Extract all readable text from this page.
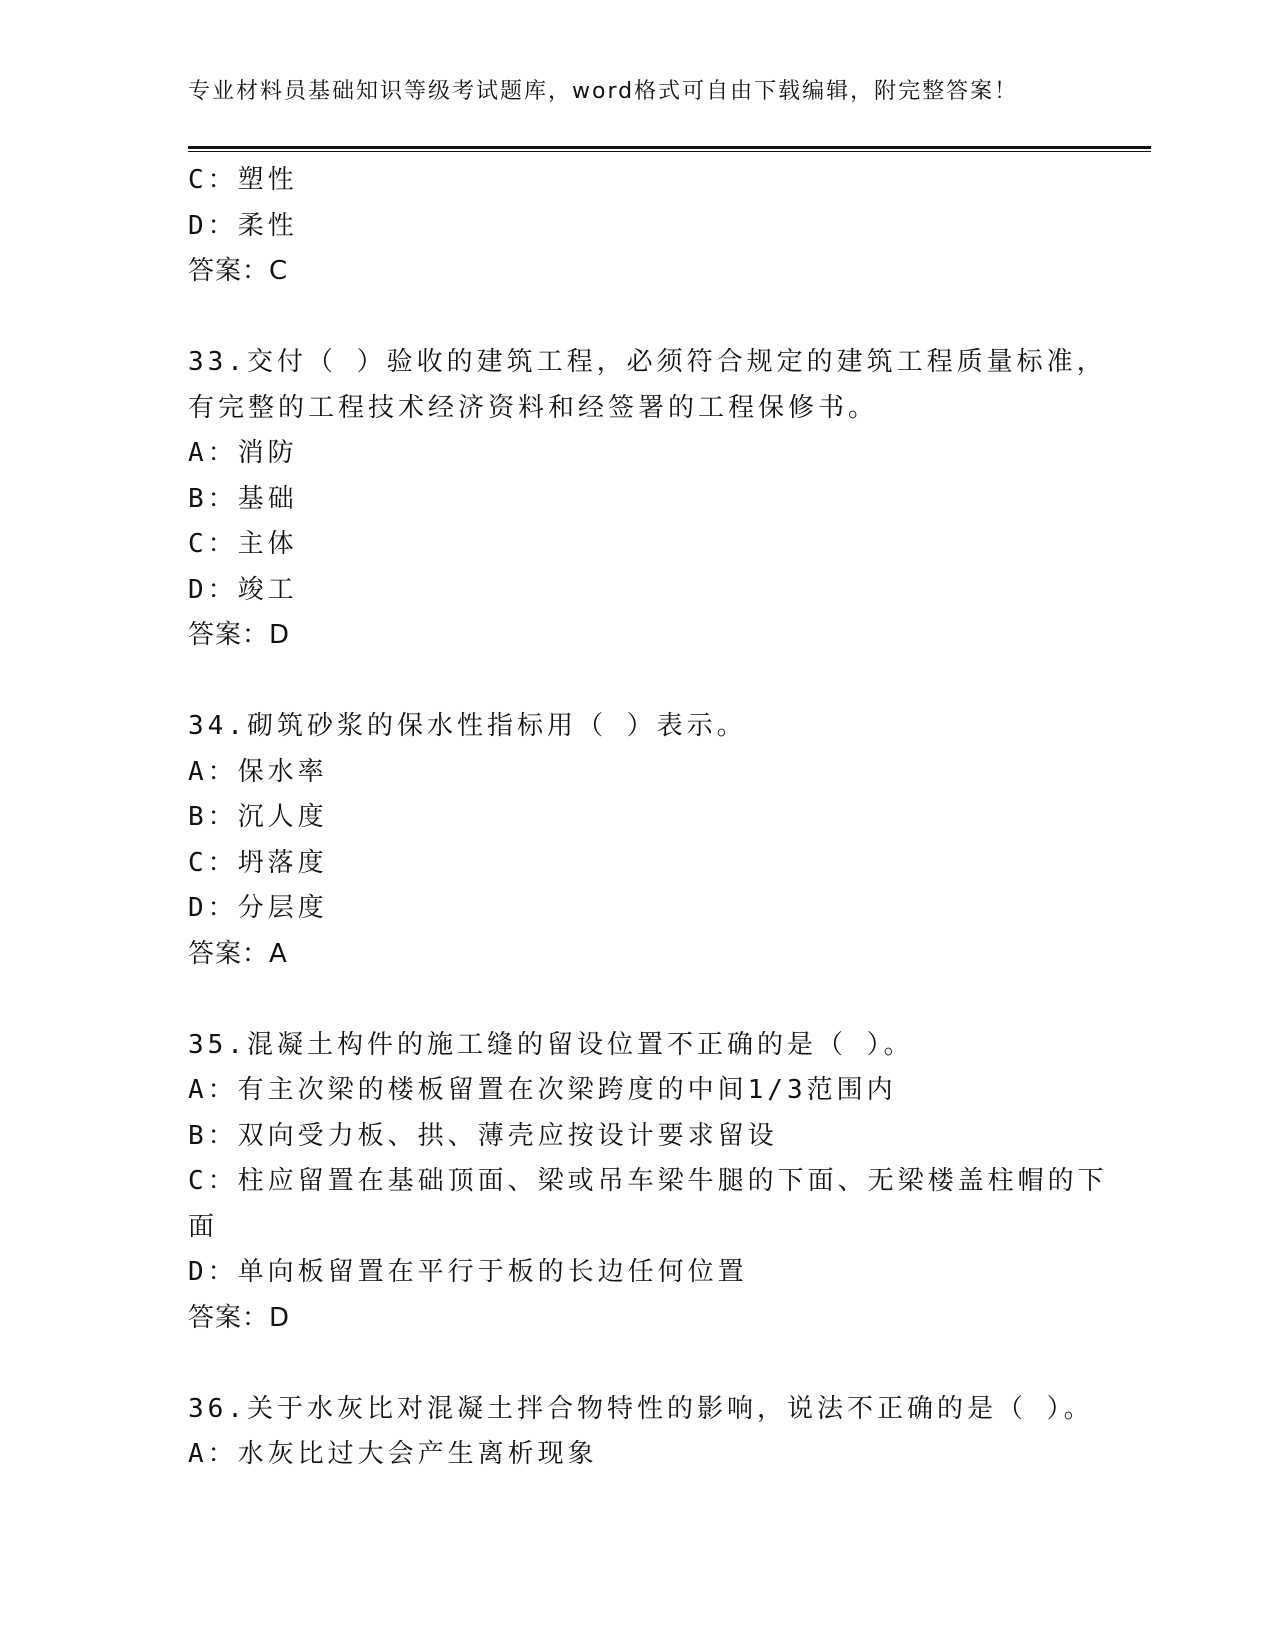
专业材料员基础知识等级考试题库，word格式可自由下载编辑，附完整答案！
C：塑性
D：柔性
答案：C
33.交付（ ）验收的建筑工程，必须符合规定的建筑工程质量标准，
有完整的工程技术经济资料和经签署的工程保修书。
A：消防
B：基础
C：主体
D：竣工
答案：D
34.砌筑砂浆的保水性指标用（ ）表示。
A：保水率
B：沉人度
C：坍落度
D：分层度
答案：A
35.混凝土构件的施工缝的留设位置不正确的是（ ）。
A：有主次梁的楼板留置在次梁跨度的中间1/3范围内
B：双向受力板、拱、薄壳应按设计要求留设
C：柱应留置在基础顶面、梁或吊车梁牛腿的下面、无梁楼盖柱帽的下
面
D：单向板留置在平行于板的长边任何位置
答案：D
36.关于水灰比对混凝土拌合物特性的影响，说法不正确的是（ ）。
A：水灰比过大会产生离析现象
